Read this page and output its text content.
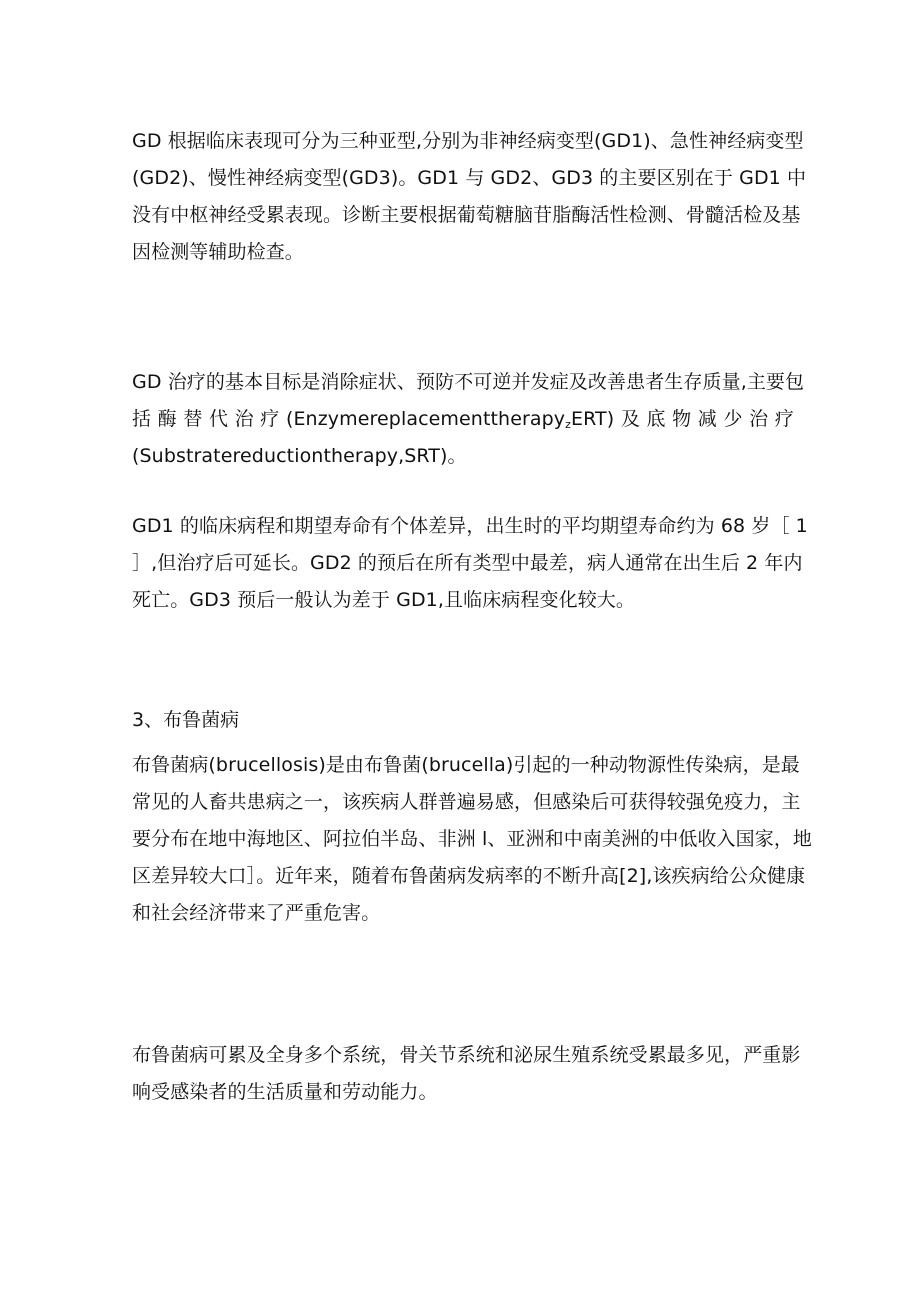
GD 根据临床表现可分为三种亚型,分别为非神经病变型(GD1)、急性神经病变型
(GD2)、慢性神经病变型(GD3)。GD1 与 GD2、GD3 的主要区别在于 GD1 中
没有中枢神经受累表现。诊断主要根据葡萄糖脑苷脂酶活性检测、骨髓活检及基
因检测等辅助检查。
GD 治疗的基本目标是消除症状、预防不可逆并发症及改善患者生存质量,主要包
括 酶 替 代 治 疗 (EnzymereplacementtherapyzERT) 及 底 物 减 少 治 疗
(Substratereductiontherapy,SRT)。
GD1 的临床病程和期望寿命有个体差异，出生时的平均期望寿命约为 68 岁［ 1
］,但治疗后可延长。GD2 的预后在所有类型中最差，病人通常在出生后 2 年内
死亡。GD3 预后一般认为差于 GD1,且临床病程变化较大。
3、布鲁菌病
布鲁菌病(brucellosis)是由布鲁菌(brucella)引起的一种动物源性传染病，是最
常见的人畜共患病之一，该疾病人群普遍易感，但感染后可获得较强免疫力，主
要分布在地中海地区、阿拉伯半岛、非洲 l、亚洲和中南美洲的中低收入国家，地
区差异较大口］。近年来，随着布鲁菌病发病率的不断升高[2],该疾病给公众健康
和社会经济带来了严重危害。
布鲁菌病可累及全身多个系统，骨关节系统和泌尿生殖系统受累最多见，严重影
响受感染者的生活质量和劳动能力。
